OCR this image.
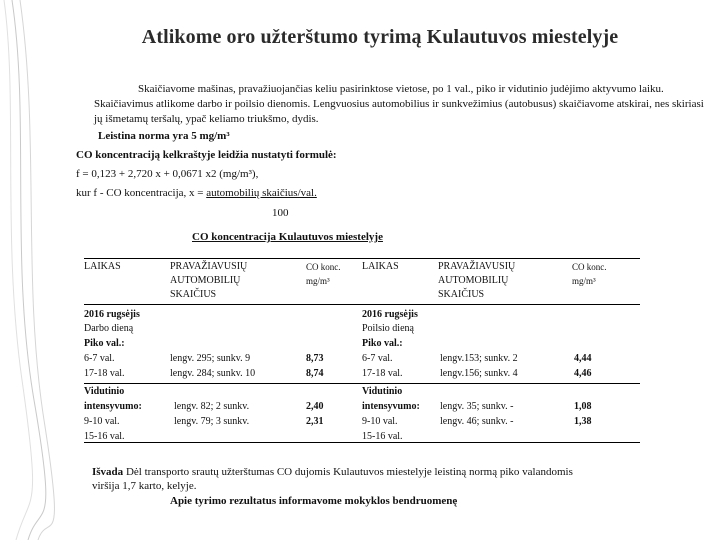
Atlikome oro užterštumo tyrimą Kulautuvos miestelyje
Skaičiavome mašinas, pravažiuojančias keliu pasirinktose vietose, po 1 val., piko ir vidutinio judėjimo aktyvumo laiku. Skaičiavimus atlikome darbo ir poilsio dienomis. Lengvuosius automobilius ir sunkvežimius (autobusus) skaičiavome atskirai, nes skiriasi jų išmetamų teršalų, ypač keliamo triukšmo, dydis.
Leistina norma yra 5 mg/m³
CO koncentraciją kelkraštyje leidžia nustatyti formulė:
f = 0,123 + 2,720 x + 0,0671 x2 (mg/m³),
kur f - CO koncentracija, x = automobilių skaičius/val.
100
CO koncentracija Kulautuvos miestelyje
LAIKAS	PRAVAŽIAVUSIŲ
AUTOMOBILIŲ
SKAIČIUS
CO konc.
mg/m³
LAIKAS	PRAVAŽIAVUSIŲ
AUTOMOBILIŲ
SKAIČIUS
CO konc.
mg/m³
2016 rugsėjis
Darbo dieną
Piko val.:
6-7 val.
17-18 val.
lengv. 295; sunkv. 9
lengv. 284; sunkv. 10
8,73
8,74
Vidutinio
intensyvumo:
9-10 val.
15-16 val.
lengv. 82; 2 sunkv.
lengv. 79; 3 sunkv.
2,40
2,31
2016 rugsėjis
Poilsio dieną
Piko val.:
6-7 val.
17-18 val.
lengv.153; sunkv. 2
lengv.156; sunkv. 4
4,44
4,46
Vidutinio
intensyvumo:
9-10 val.
15-16 val.
lengv. 35; sunkv. -
lengv. 46; sunkv. -
1,08
1,38
Išvada Dėl transporto srautų užterštumas CO dujomis Kulautuvos miestelyje leistiną normą piko valandomis
viršija 1,7 karto, kelyje.
Apie tyrimo rezultatus informavome mokyklos bendruomenę
